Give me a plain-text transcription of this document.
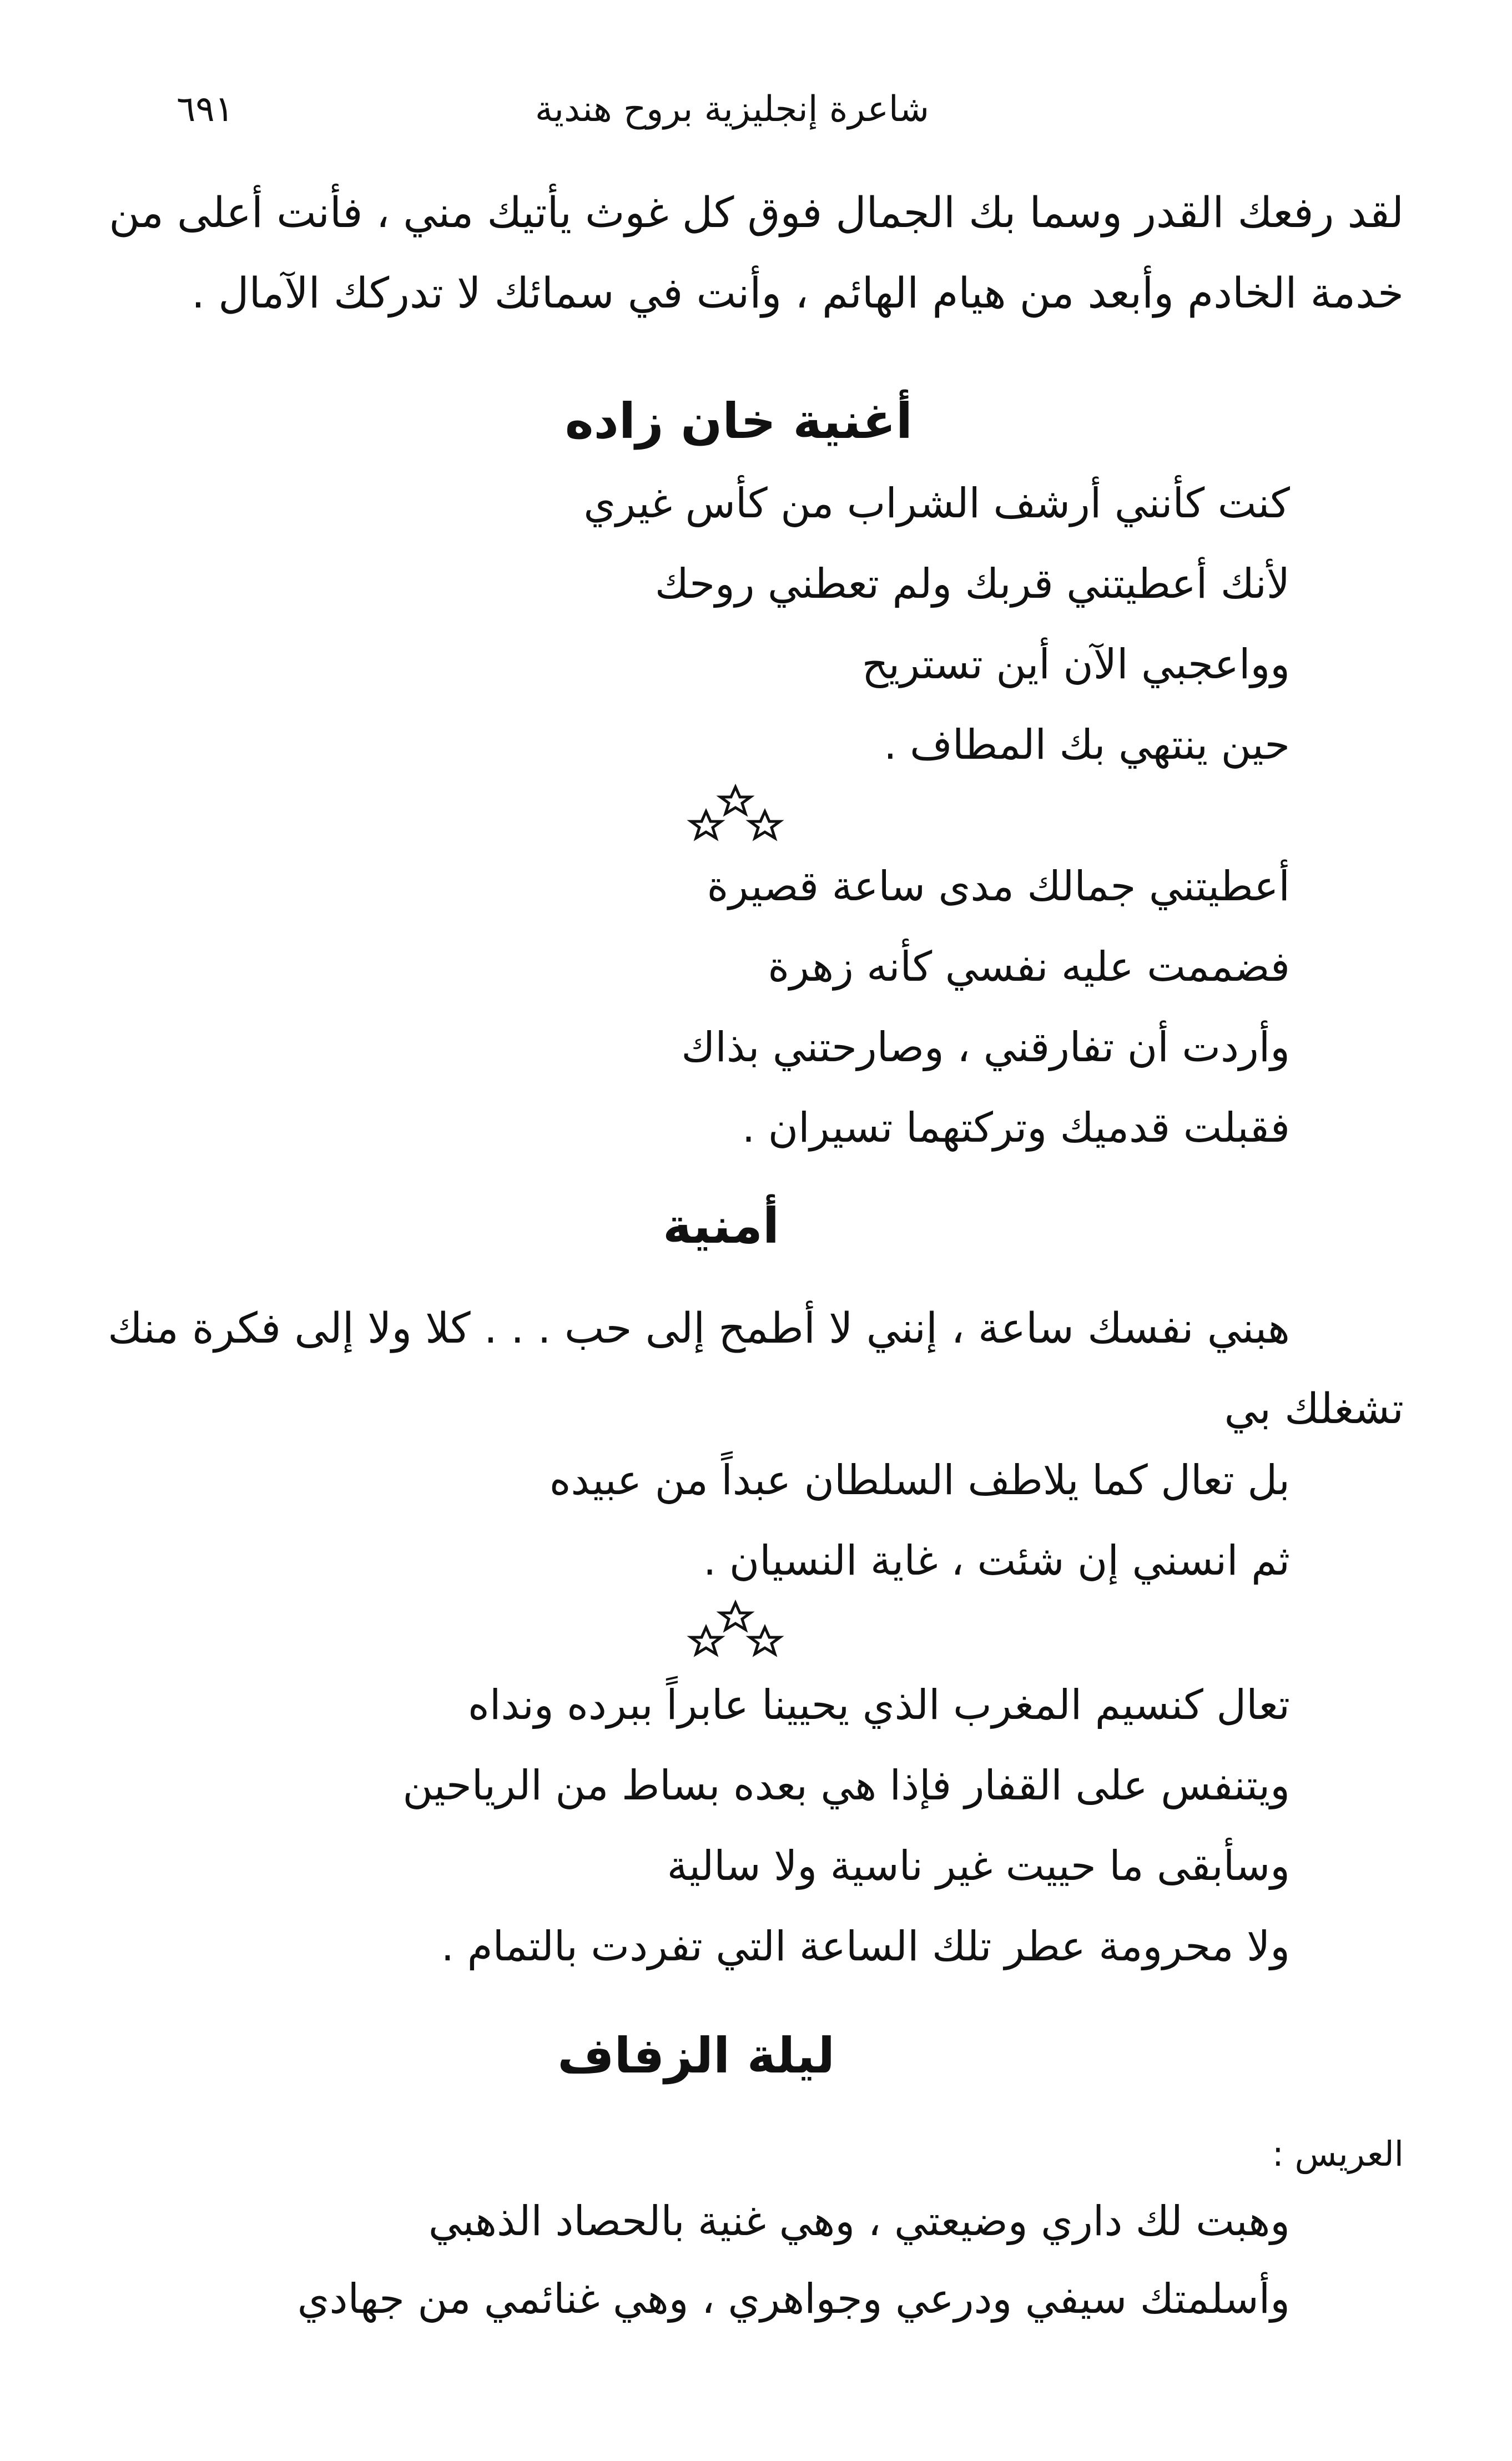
شاعرة إنجليزية بروح هندية
٦٩١
لقد رفعك القدر وسما بك الجمال فوق كل غوث يأتيك مني ، فأنت أعلى من
خدمة الخادم وأبعد من هيام الهائم ، وأنت في سمائك لا تدركك الآمال .
أغنية خان زاده
كنت كأنني أرشف الشراب من كأس غيري
لأنك أعطيتني قربك ولم تعطني روحك
وواعجبي الآن أين تستريح
حين ينتهي بك المطاف .
أعطيتني جمالك مدى ساعة قصيرة
فضممت عليه نفسي كأنه زهرة
وأردت أن تفارقني ، وصارحتني بذاك
فقبلت قدميك وتركتهما تسيران .
أمنية
هبني نفسك ساعة ، إنني لا أطمح إلى حب . . . كلا ولا إلى فكرة منك
تشغلك بي
بل تعال كما يلاطف السلطان عبداً من عبيده
ثم انسني إن شئت ، غاية النسيان .
تعال كنسيم المغرب الذي يحيينا عابراً ببرده ونداه
ويتنفس على القفار فإذا هي بعده بساط من الرياحين
وسأبقى ما حييت غير ناسية ولا سالية
ولا محرومة عطر تلك الساعة التي تفردت بالتمام .
ليلة الزفاف
العريس :
وهبت لك داري وضيعتي ، وهي غنية بالحصاد الذهبي
وأسلمتك سيفي ودرعي وجواهري ، وهي غنائمي من جهادي
